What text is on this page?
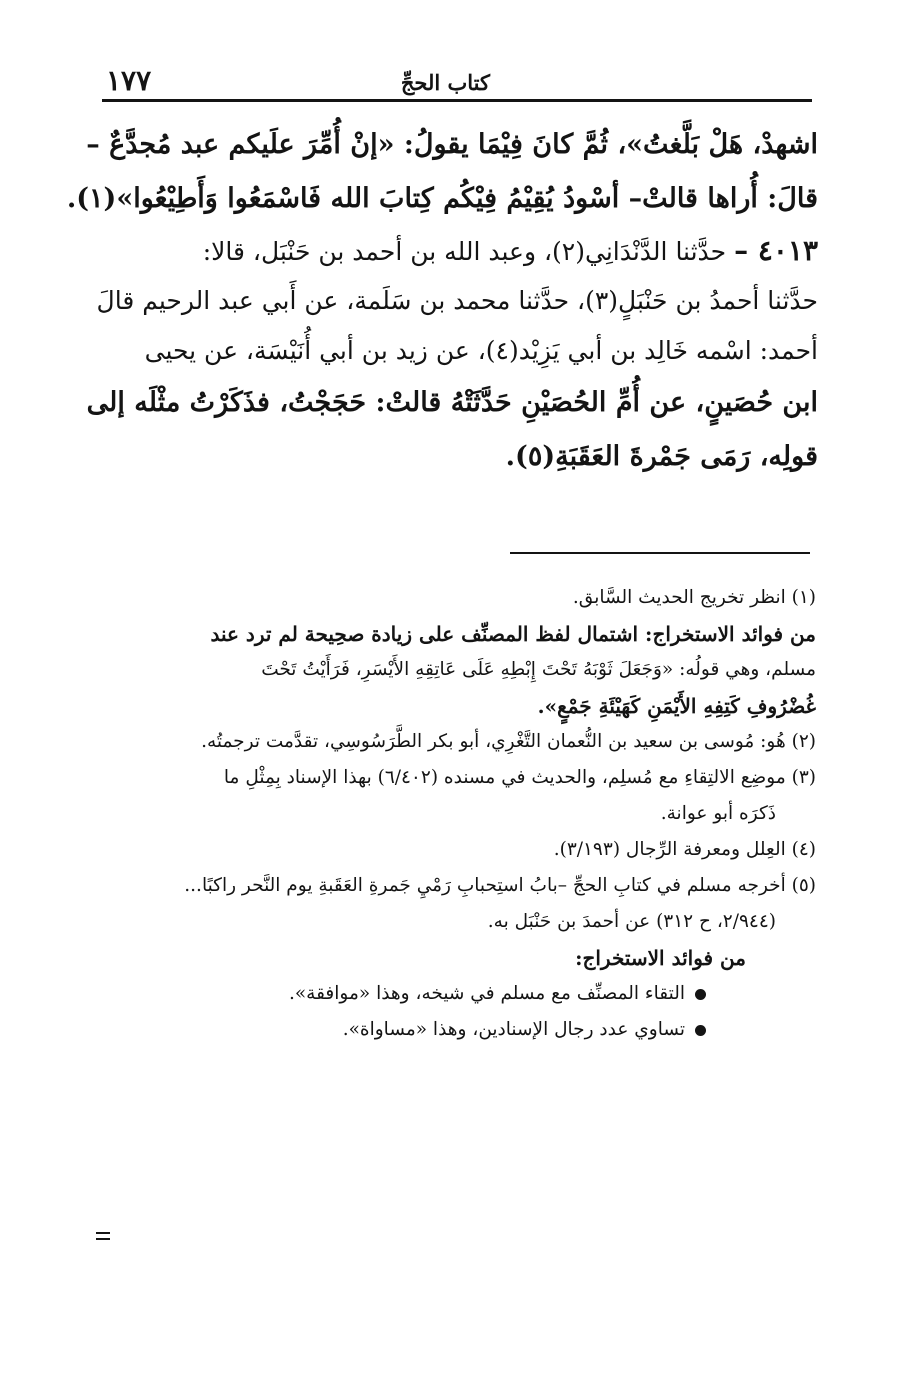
كتاب الحجِّ
١٧٧
اشهدْ، هَلْ بَلَّغتُ»، ثُمَّ كانَ فِيْمَا يقولُ: «إنْ أُمِّرَ علَيكم عبد مُجدَّعٌ –
قالَ: أُراها قالتْ– أسْودُ يُقِيْمُ فِيْكُم كِتابَ الله فَاسْمَعُوا وَأَطِيْعُوا»(١).
٤٠١٣ – حدَّثنا الدَّنْدَانِي(٢)، وعبد الله بن أحمد بن حَنْبَل، قالا:
حدَّثنا أحمدُ بن حَنْبَلٍ(٣)، حدَّثنا محمد بن سَلَمة، عن أَبي عبد الرحيم قالَ
أحمد: اسْمه خَالِد بن أبي يَزِيْد(٤)، عن زيد بن أبي أُنَيْسَة، عن يحيى
ابن حُصَينٍ، عن أُمِّ الحُصَيْنِ حَدَّثَتْهُ قالتْ: حَجَجْتُ، فذَكَرْتُ مثْلَه إلى
قولِه، رَمَى جَمْرةَ العَقَبَةِ(٥).
(١) انظر تخريج الحديث السَّابق.
من فوائد الاستخراج: اشتمال لفظ المصنِّف على زيادة صحِيحة لم ترد عند
مسلم، وهي قولُه: «وَجَعَلَ ثَوْبَهُ تَحْتَ إِبْطِهِ عَلَى عَاتِقِهِ الأَيْسَرِ، فَرَأَيْتُ تَحْتَ
غُضْرُوفِ كَتِفِهِ الأَيْمَنِ كَهَيْئَةِ جَمْعٍ».
(٢) هُو: مُوسى بن سعيد بن النُّعمان التَّغْرِي، أبو بكر الطَّرَسُوسِي، تقدَّمت ترجمتُه.
(٣) موضِع الالتِقاءِ مع مُسلِم، والحديث في مسنده (٦/٤٠٢) بهذا الإسناد بِمِثْلِ ما
ذَكرَه أبو عوانة.
(٤) العِلل ومعرفة الرِّجال (٣/١٩٣).
(٥) أخرجه مسلم في كتابِ الحجِّ –بابُ استِحبابِ رَمْيِ جَمرةِ العَقَبةِ يوم النَّحر راكبًا...
(٢/٩٤٤، ح ٣١٢) عن أحمدَ بن حَنْبَل به.
من فوائد الاستخراج:
التقاء المصنِّف مع مسلم في شيخه، وهذا «موافقة».
تساوي عدد رجال الإسنادين، وهذا «مساواة».
